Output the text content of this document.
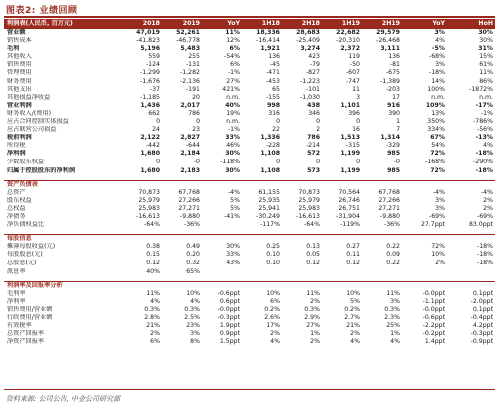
图表2: 业绩回顾
利润表(人民币, 百万元)	2018	2019	YoY	1H18	2H18	1H19	2H19	YoY	HoH
营业额	47,019	52,261	11%	18,336	28,683	22,682	29,579	3%	30%
销售成本	-41,823	-46,778	12%	-16,414	-25,409	-20,310	-26,468	4%	30%
毛利	5,196	5,483	6%	1,921	3,274	2,372	3,111	-5%	31%
其他收入	559	255	-54%	136	423	119	136	-68%	15%
销售费用	-124	-131	6%	-45	-79	-50	-81	3%	61%
管理费用	-1,299	-1,282	-1%	-471	-827	-607	-675	-18%	11%
财务费用	-1,676	-2,136	27%	-453	-1,223	-747	-1,389	14%	86%
其他支出	-37	-191	421%	65	-101	11	-203	100%	-1872%
其他损益净收益	-1,185	20	n.m.	-155	-1,030	3	17	n.m.	n.m.
营业利润	1,436	2,017	40%	998	438	1,101	916	109%	-17%
财务收入/(费用)	662	786	19%	316	346	396	390	13%	-1%
应占合同控制实体损益	0	0	n.m.	0	0	0	1	350%	-786%
应占联营公司损益	24	23	-1%	22	2	16	7	334%	-56%
税前利润	2,122	2,827	33%	1,336	786	1,513	1,314	67%	-13%
所得税	-442	-644	46%	-228	-214	-315	-329	54%	4%
净利润	1,680	2,184	30%	1,108	572	1,199	985	72%	-18%
少数股东权益	0	-0	-118%	0	0	0	-0	-168%	-290%
归属于控股股东的净利润	1,680	2,183	30%	1,108	573	1,199	985	72%	-18%

资产负债表									
总资产	70,873	67,768	-4%	61,155	70,873	70,564	67,768	-4%	-4%
股东权益	25,979	27,266	5%	25,935	25,979	26,746	27,266	3%	2%
总权益	25,983	27,271	5%	25,941	25,983	26,751	27,271	3%	2%
净债务	-16,613	-9,880	-41%	-30,249	-16,613	-31,904	-9,880	-69%	-69%
净负债权益比	-64%	-36%		-117%	-64%	-119%	-36%	27.7ppt	83.0ppt

每股信息									
摊薄每股收益(元)	0.38	0.49	30%	0.25	0.13	0.27	0.22	72%	-18%
每股股息(元)	0.15	0.20	33%	0.10	0.05	0.11	0.09	10%	-18%
总股息(元)	0.12	0.32	43%	0.10	0.12	0.12	0.22	2%	-18%
派息率	40%	65%							

利润率及回报率分析									
毛利率	11%	10%	-0.6ppt	10%	11%	10%	11%	-0.0ppt	0.1ppt
净利率	4%	4%	0.6ppt	6%	2%	5%	3%	-1.1ppt	-2.0ppt
销售费用/营业额	0.3%	0.3%	-0.0ppt	0.2%	0.3%	0.2%	0.3%	-0.0ppt	0.1ppt
行政费用/营业额	2.8%	2.5%	-0.3ppt	2.6%	2.9%	2.7%	2.3%	-0.6ppt	-0.4ppt
有效税率	21%	23%	1.9ppt	17%	27%	21%	25%	-2.2ppt	4.2ppt
总资产回报率	2%	3%	0.9ppt	2%	1%	2%	1%	-0.2ppt	-0.3ppt
净资产回报率	6%	8%	1.5ppt	4%	2%	4%	4%	1.4ppt	-0.9ppt
资料来源: 公司公告, 中金公司研究部
